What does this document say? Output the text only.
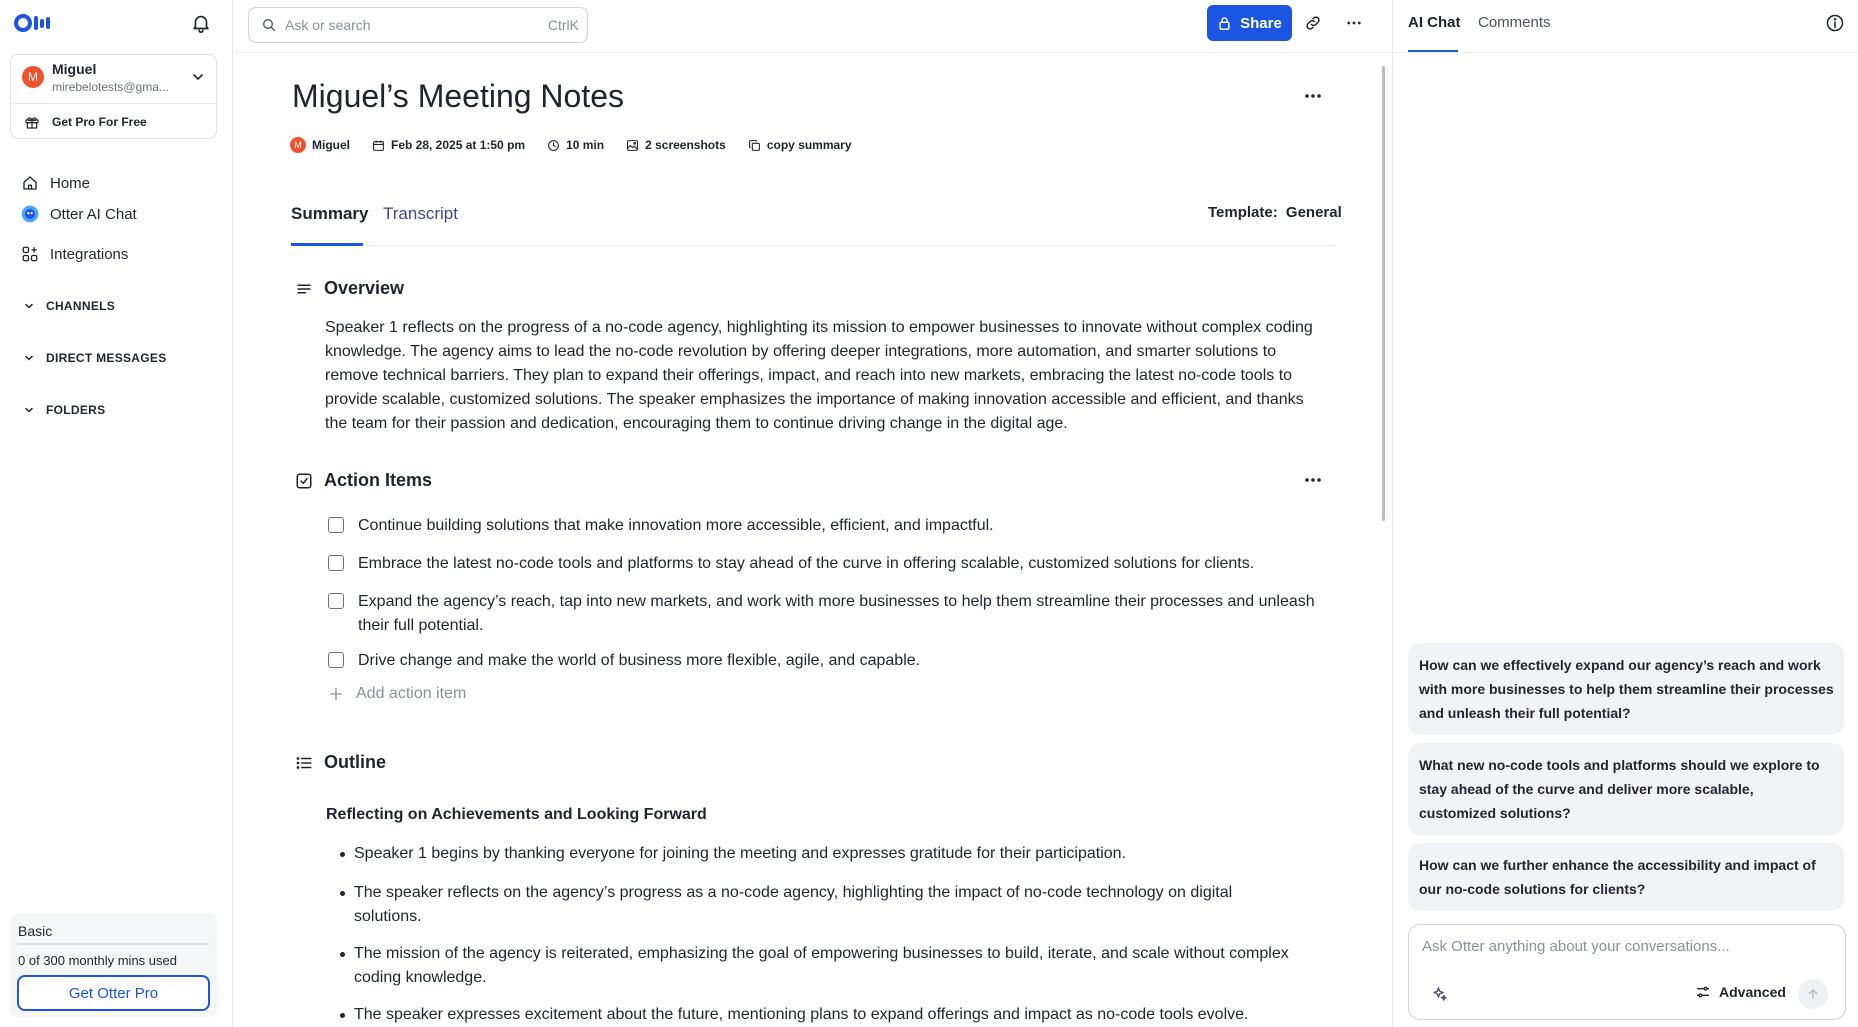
M	Miguel
mirebelotests@gma...
Get Pro For Free
Home
Otter AI Chat
Integrations
CHANNELS
DIRECT MESSAGES
FOLDERS
Basic
0 of 300 monthly mins used
Get Otter Pro
Ask or search
CtrlK	Share
Miguel’s Meeting Notes
M Miguel	Feb 28, 2025 at 1:50 pm	10 min	2 screenshots	copy summary
Summary Transcript	Template: General
Overview

Speaker 1 reflects on the progress of a no-code agency, highlighting its mission to empower businesses to innovate without complex coding knowledge. The agency aims to lead the no-code revolution by offering deeper integrations, more automation, and smarter solutions to remove technical barriers. They plan to expand their offerings, impact, and reach into new markets, embracing the latest no-code tools to provide scalable, customized solutions. The speaker emphasizes the importance of making innovation accessible and efficient, and thanks the team for their passion and dedication, encouraging them to continue driving change in the digital age.

Action Items
Continue building solutions that make innovation more accessible, efficient, and impactful.
Embrace the latest no-code tools and platforms to stay ahead of the curve in offering scalable, customized solutions for clients.
Expand the agency’s reach, tap into new markets, and work with more businesses to help them streamline their processes and unleash their full potential.
Drive change and make the world of business more flexible, agile, and capable.
Add action item
Outline
Reflecting on Achievements and Looking Forward
Speaker 1 begins by thanking everyone for joining the meeting and expresses gratitude for their participation.
The speaker reflects on the agency’s progress as a no-code agency, highlighting the impact of no-code technology on digital solutions.
The mission of the agency is reiterated, emphasizing the goal of empowering businesses to build, iterate, and scale without complex coding knowledge.
The speaker expresses excitement about the future, mentioning plans to expand offerings and impact as no-code tools evolve.
AI Chat Comments
How can we effectively expand our agency’s reach and work with more businesses to help them streamline their processes and unleash their full potential?
What new no-code tools and platforms should we explore to stay ahead of the curve and deliver more scalable, customized solutions?
How can we further enhance the accessibility and impact of our no-code solutions for clients?
Ask Otter anything about your conversations...
Advanced
